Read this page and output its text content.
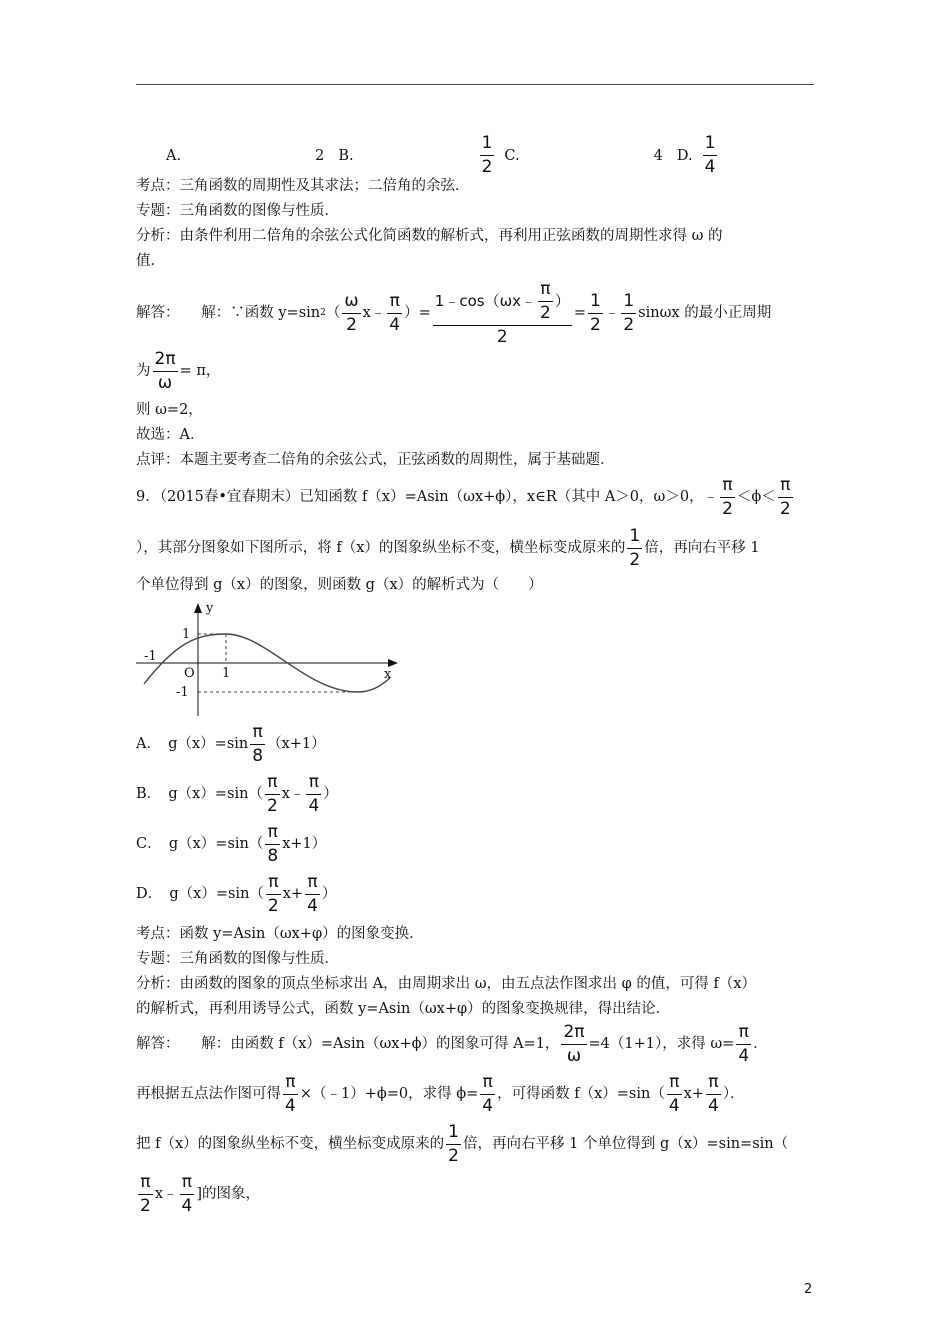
A.	2 B.	$\frac{1}{2} C$.	4 D. $\frac{1}{4}$
考点：三角函数的周期性及其求法；二倍角的余弦．
专题：三角函数的图像与性质．
分析：由条件利用二倍角的余弦公式化简函数的解析式，再利用正弦函数的周期性求得 ω 的
值．
解答：　　解：∵函数 y=sin 2 （ $\frac{\omega}{2}$ x﹣ $\frac{\pi}{4}$ ）= $\frac{1﹣\cos(\omega x﹣ \frac{\pi}{2} )}{2} = \frac{1}{2}$ ﹣ $\frac{1}{2}$ sinωx 的最小正周期
为 $\frac{2\pi}{\omega} = \pi$，
则 ω=2，
故选：A．
点评：本题主要考查二倍角的余弦公式，正弦函数的周期性，属于基础题．
9．（2015春•宜春期末）已知函数 f（x）=Asin（ωx+ϕ），x∈R（其中 A＞0，ω＞0，﹣ $\frac{\pi}{2} <\phi< \frac{\pi}{2}$
），其部分图象如下图所示，将 f（x）的图象纵坐标不变，横坐标变成原来的 $\frac{1}{2}$ 倍，再向右平移 1
个单位得到 g（x）的图象，则函数 g（x）的解析式为（　　）
y
x
1
-1
-1
O 1
A．　$g(x)=\sin \frac{\pi}{8} (x+1)$
B．　$g(x)=\sin( \frac{\pi}{2}$ x﹣ $\frac{\pi}{4}$ ）
C．　$g(x)=\sin( \frac{\pi}{8} x+1)$
D．　$g(x)=\sin( \frac{\pi}{2} x+ \frac{\pi}{4}$ ）
考点：函数 y=Asin（ωx+φ）的图象变换．
专题：三角函数的图像与性质．
分析：由函数的图象的顶点坐标求出 A，由周期求出 ω，由五点法作图求出 φ 的值，可得 f（x）
的解析式，再利用诱导公式，函数 y=Asin（ωx+φ）的图象变换规律，得出结论．
解答：　　解：由函数 f（x）=Asin（ωx+ϕ）的图象可得 A=1， $\frac{2\pi}{\omega} =4(1+1)$，求得 $\omega= \frac{\pi}{4}$ ．
再根据五点法作图可得 $\frac{\pi}{4}$ ×（﹣1）+ϕ=0，求得 $\phi= \frac{\pi}{4}$ ，可得函数 $f(x)=\sin( \frac{\pi}{4} x+ \frac{\pi}{4}$ ）．
把 f（x）的图象纵坐标不变，横坐标变成原来的 $\frac{1}{2}$ 倍，再向右平移 1 个单位得到 g（x）=sin=sin（
$\frac{\pi}{2}$ x﹣ $\frac{\pi}{4}$ ]的图象，
2
